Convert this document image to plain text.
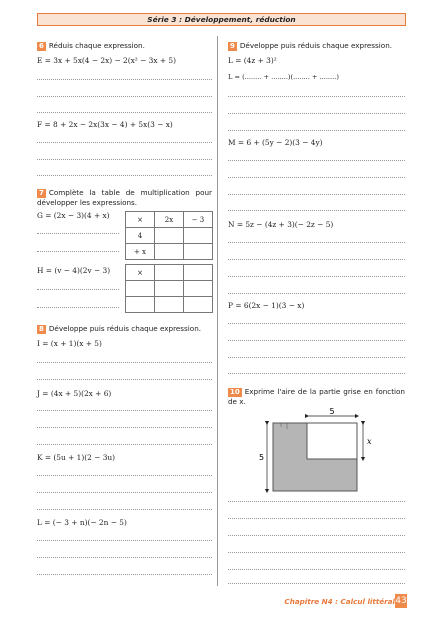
Série 3 : Développement, réduction
6 Réduis chaque expression.
E = 3x + 5x(4 − 2x) − 2(x² − 3x + 5)
F = 8 + 2x − 2x(3x − 4) + 5x(3 − x)
7 Complète la table de multiplication pour développer les expressions.
G = (2x − 3)(4 + x)	×	2x	− 3
4		
+ x		
H = (v − 4)(2v − 3)	×		

8 Développe puis réduis chaque expression.
I = (x + 1)(x + 5)
J = (4x + 5)(2x + 6)
K = (5u + 1)(2 − 3u)
L = (− 3 + n)(− 2n − 5)
9 Développe puis réduis chaque expression.
L = (4z + 3)²
L = (........ + ........)(........ + ........)
M = 6 + (5y − 2)(3 − 4y)
N = 5z − (4z + 3)(− 2z − 5)
P = 6(2x − 1)(3 − x)
10 Exprime l'aire de la partie grise en fonction de x.
5
5
x
Chapitre N4 : Calcul littéral 43
